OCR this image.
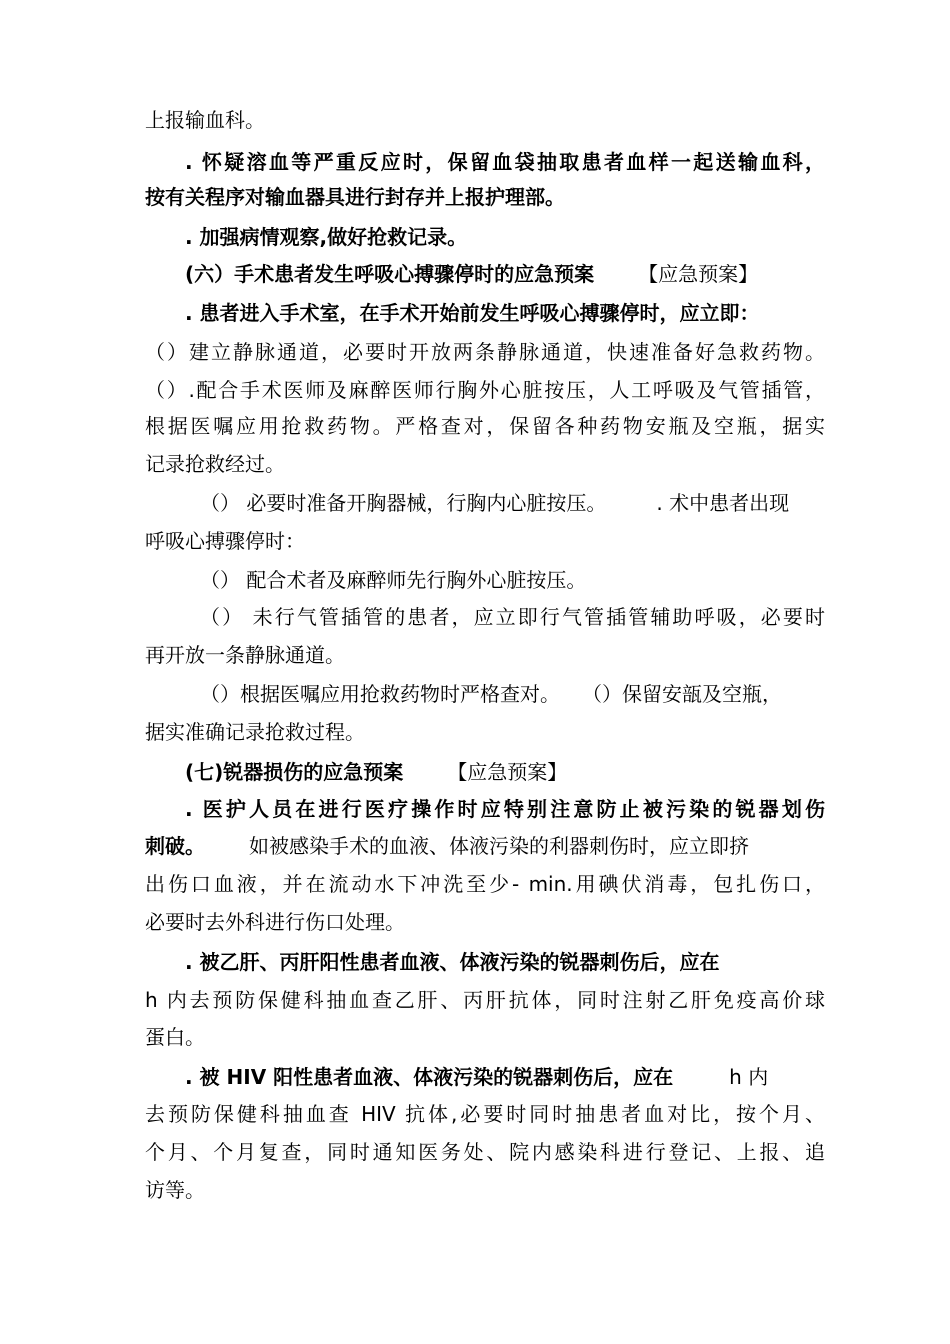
上报输血科。
. 怀疑溶血等严重反应时，保留血袋抽取患者血样一起送输血科，
按有关程序对输血器具进行封存并上报护理部。
. 加强病情观察,做好抢救记录。
(六）手术患者发生呼吸心搏骤停时的应急预案 【应急预案】
. 患者进入手术室，在手术开始前发生呼吸心搏骤停时，应立即：
（）建立静脉通道，必要时开放两条静脉通道，快速准备好急救药物。
（）.配合手术医师及麻醉医师行胸外心脏按压，人工呼吸及气管插管，
根据医嘱应用抢救药物。严格查对，保留各种药物安瓶及空瓶，据实
记录抢救经过。
（） 必要时准备开胸器械，行胸内心脏按压。	. 术中患者出现
呼吸心搏骤停时：
（） 配合术者及麻醉师先行胸外心脏按压。
（） 未行气管插管的患者，应立即行气管插管辅助呼吸，必要时
再开放一条静脉通道。
（）根据医嘱应用抢救药物时严格查对。 （）保留安瓿及空瓶，
据实准确记录抢救过程。
(七)锐器损伤的应急预案 【应急预案】
. 医护人员在进行医疗操作时应特别注意防止被污染的锐器划伤
刺破。 如被感染手术的血液、体液污染的利器刺伤时，应立即挤
出伤口血液，并在流动水下冲洗至少- min.用碘伏消毒，包扎伤口，
必要时去外科进行伤口处理。
. 被乙肝、丙肝阳性患者血液、体液污染的锐器刺伤后，应在
h 内去预防保健科抽血查乙肝、丙肝抗体，同时注射乙肝免疫高价球
蛋白。
. 被 HIV 阳性患者血液、体液污染的锐器刺伤后，应在	h 内
去预防保健科抽血查 HIV 抗体,必要时同时抽患者血对比，按个月、
个月、个月复查，同时通知医务处、院内感染科进行登记、上报、追
访等。
